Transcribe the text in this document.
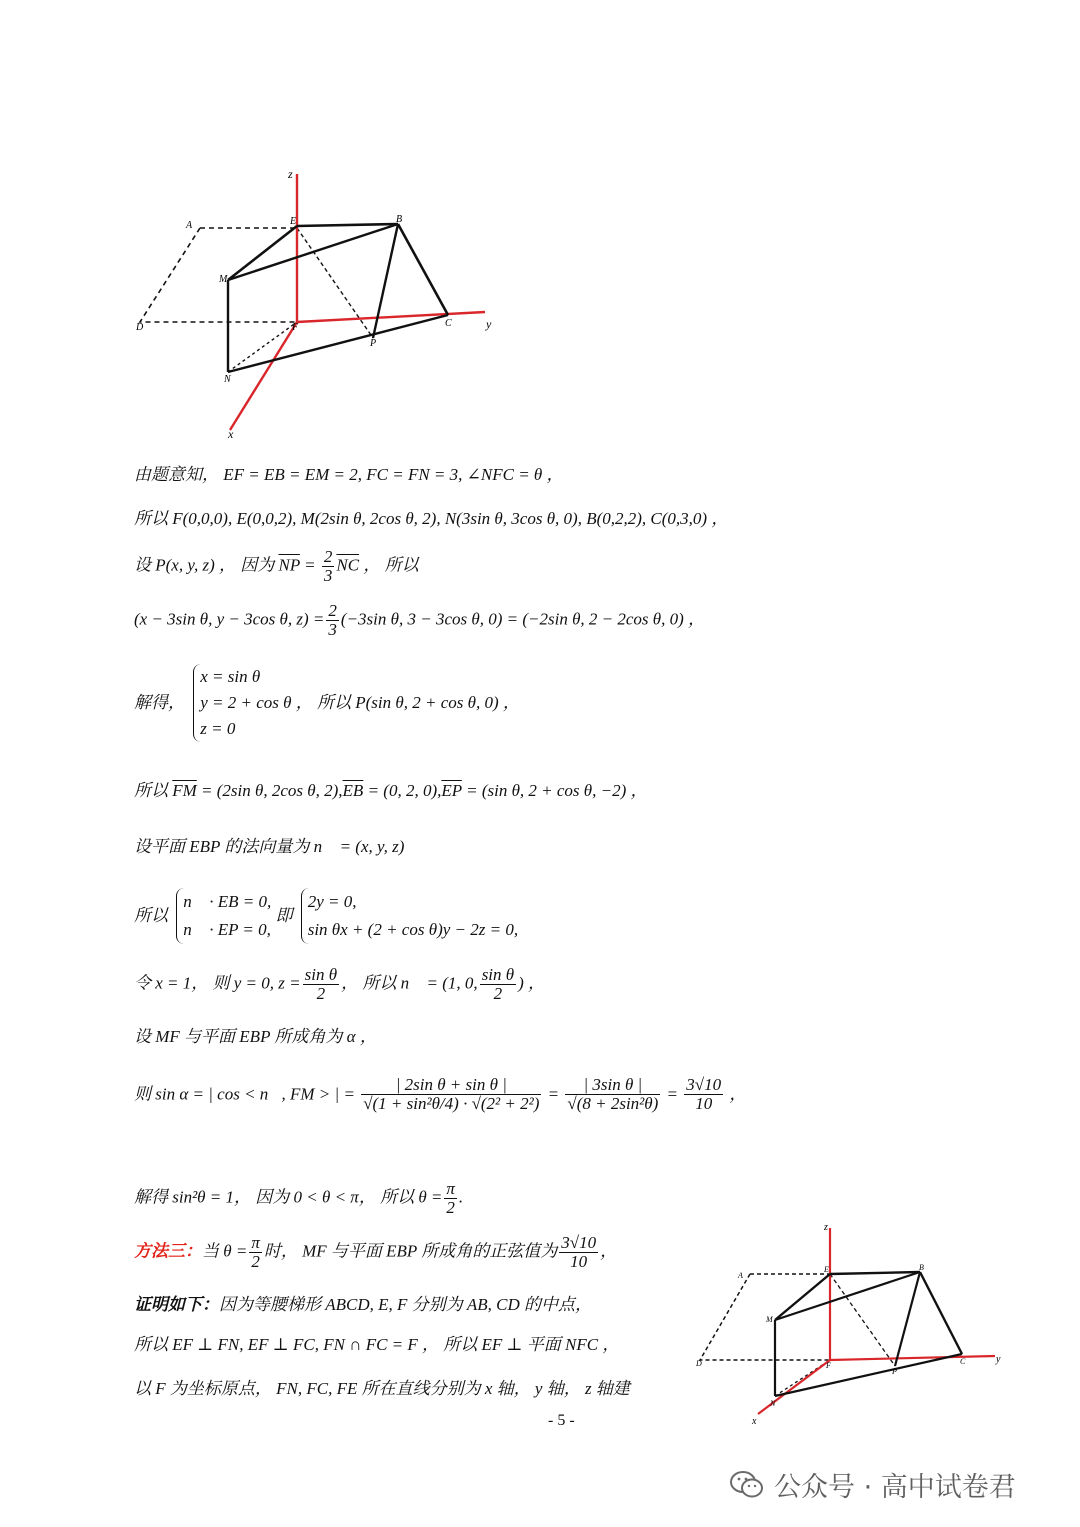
z
y
x
A
B
C
D
E
F
M
N
P
由题意知， EF = EB = EM = 2, FC = FN = 3, ∠NFC = θ ，
所以 F(0,0,0), E(0,0,2), M(2sin θ, 2cos θ, 2), N(3sin θ, 3cos θ, 0), B(0,2,2), C(0,3,0) ，
设 P(x, y, z) ， 因为 $\overline{NP} = \frac{2}{3} \overline{NC}$ ， 所以
(x − 3sin θ, y − 3cos θ, $z) = \frac{2}{3} (-3\sin$ θ, 3 − 3cos θ, 0) = (−2sin θ, 2 − 2cos θ, 0) ，
解得，
x = sin θ
y = 2 + cos θ
z = 0
， 所以 P(sin θ, 2 + cos θ, 0) ，
所以 $\overline{FM} = (2\sin$ θ, 2cos θ, $2),\overline{EB} = (0$, 2, $0),\overline{EP} = (\sin$ θ, 2 + cos θ, −2) ，
设平面 EBP 的法向量为 n⃗ = (x, y, z) ，
所以
n⃗ · EB = 0,
n⃗ · EP = 0,
即
2y = 0,
sin θx + (2 + cos θ)y − 2z = 0,
令 x = 1， 则 y = 0, $z = \frac{\text{sin θ}}{2}$ ， 所以 n⃗ = (1, 0, $\frac{\text{sin θ}}{2}$ ) ，
设 MF 与平面 EBP 所成角为 α ，
则 sin α = | cos < n⃗, FM > | = $\frac{\text{| 2sin θ + sin θ |}}{\text{√(1 + sin²θ/4) · √(2² + 2²)}} = \frac{\text{| 3sin θ |}}{\text{√(8 + 2sin²θ)}} = \frac{3√10}{10}$ ，
解得 sin²θ = 1， 因为 0 < θ < π， 所以 $\theta = \frac{\pi}{2}$ .
方法三：当 $\theta = \frac{\pi}{2}$ 时， MF 与平面 EBP 所成角的正弦值为 $\frac{3√10}{10}$ ，
证明如下：因为等腰梯形 ABCD, E, F 分别为 AB, CD 的中点，
所以 EF ⊥ FN, EF ⊥ FC, FN ∩ FC = F ， 所以 EF ⊥ 平面 NFC ，
以 F 为坐标原点， FN, FC, FE 所在直线分别为 x 轴， y 轴， z 轴建
z
y
x
A
B
C
D
E
F
M
N
P
- 5 -
公众号 · 高中试卷君
